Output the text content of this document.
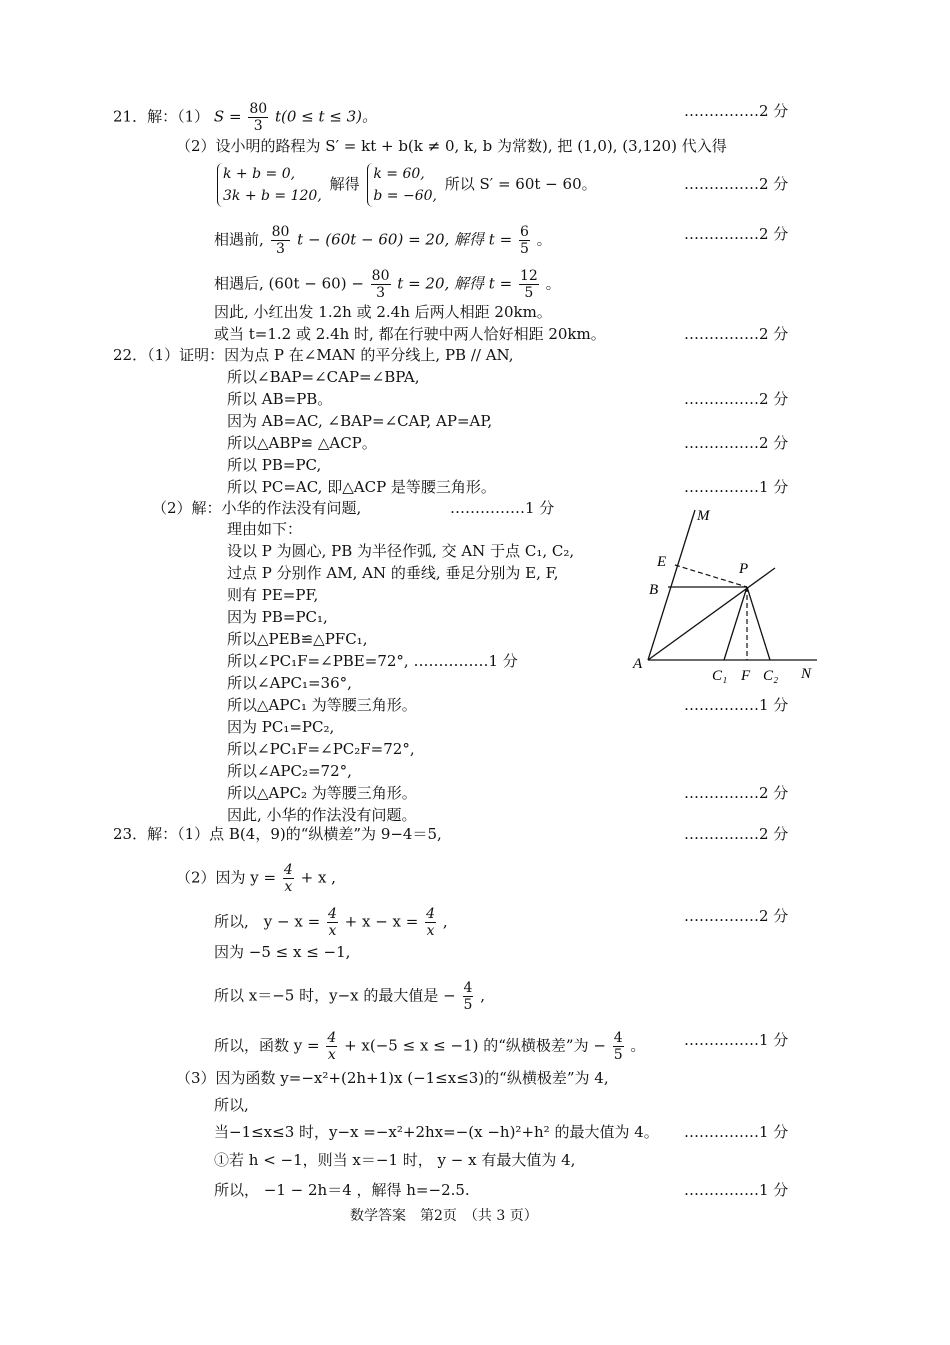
21．解：（1） $S = \frac{80}{3} t(0 \le t \le 3)$。	……………2 分
（2）设小明的路程为 S′ = kt + b(k ≠ 0, k, b 为常数), 把 (1,0), (3,120) 代入得
k + b = 0,
3k + b = 120, 解得 k = 60,
b = −60, 所以 S′ = 60t − 60。	……………2 分
相遇前, $\frac{80}{3}$ t − (60t − 60) = 20, 解得 $t = \frac{6}{5}$ 。	……………2 分
相遇后, $(60t - 60) - \frac{80}{3}$ t = 20, 解得 $t = \frac{12}{5}$ 。
因此, 小红出发 1.2h 或 2.4h 后两人相距 20km。
或当 t=1.2 或 2.4h 时, 都在行驶中两人恰好相距 20km。	……………2 分
22．（1）证明：因为点 P 在∠MAN 的平分线上, PB // AN,
所以∠BAP=∠CAP=∠BPA,
所以 AB=PB。	……………2 分
因为 AB=AC, ∠BAP=∠CAP, AP=AP,
所以△ABP≌ △ACP。	……………2 分
所以 PB=PC,
所以 PC=AC, 即△ACP 是等腰三角形。	……………1 分
（2）解：小华的作法没有问题,	……………1 分
理由如下：
设以 P 为圆心, PB 为半径作弧, 交 AN 于点 C₁, C₂,
过点 P 分别作 AM, AN 的垂线, 垂足分别为 E, F,
则有 PE=PF,
因为 PB=PC₁,
所以△PEB≌△PFC₁,
所以∠PC₁F=∠PBE=72°, ……………1 分
所以∠APC₁=36°,
所以△APC₁ 为等腰三角形。	……………1 分
因为 PC₁=PC₂,
所以∠PC₁F=∠PC₂F=72°,
所以∠APC₂=72°,
所以△APC₂ 为等腰三角形。	……………2 分
因此, 小华的作法没有问题。
M
E	P
B
A
C₁ F C₂ N
23．解：（1）点 B(4，9)的“纵横差”为 9−4＝5,	……………2 分
（2）因为 $y = \frac{4}{x} + x$ ,
所以,　$y - x = \frac{4}{x} + x - x = \frac{4}{x}$ ,	……………2 分
因为 −5 ≤ x ≤ −1,
所以 x＝−5 时，y−x 的最大值是 − $\frac{4}{5}$ ,
所以，函数 $y = \frac{4}{x} + x(-5 \le x \le -1)$ 的“纵横极差”为 − $\frac{4}{5}$ 。	……………1 分
（3）因为函数 y=−x²+(2h+1)x (−1≤x≤3)的“纵横极差”为 4,
所以,
当−1≤x≤3 时，y−x =−x²+2hx=−(x −h)²+h² 的最大值为 4。 ……………1 分
①若 h < −1，则当 x＝−1 时， y − x 有最大值为 4,
所以， −1 − 2h＝4 ，解得 h=−2.5.	……………1 分
数学答案　第2页　（共 3 页）
